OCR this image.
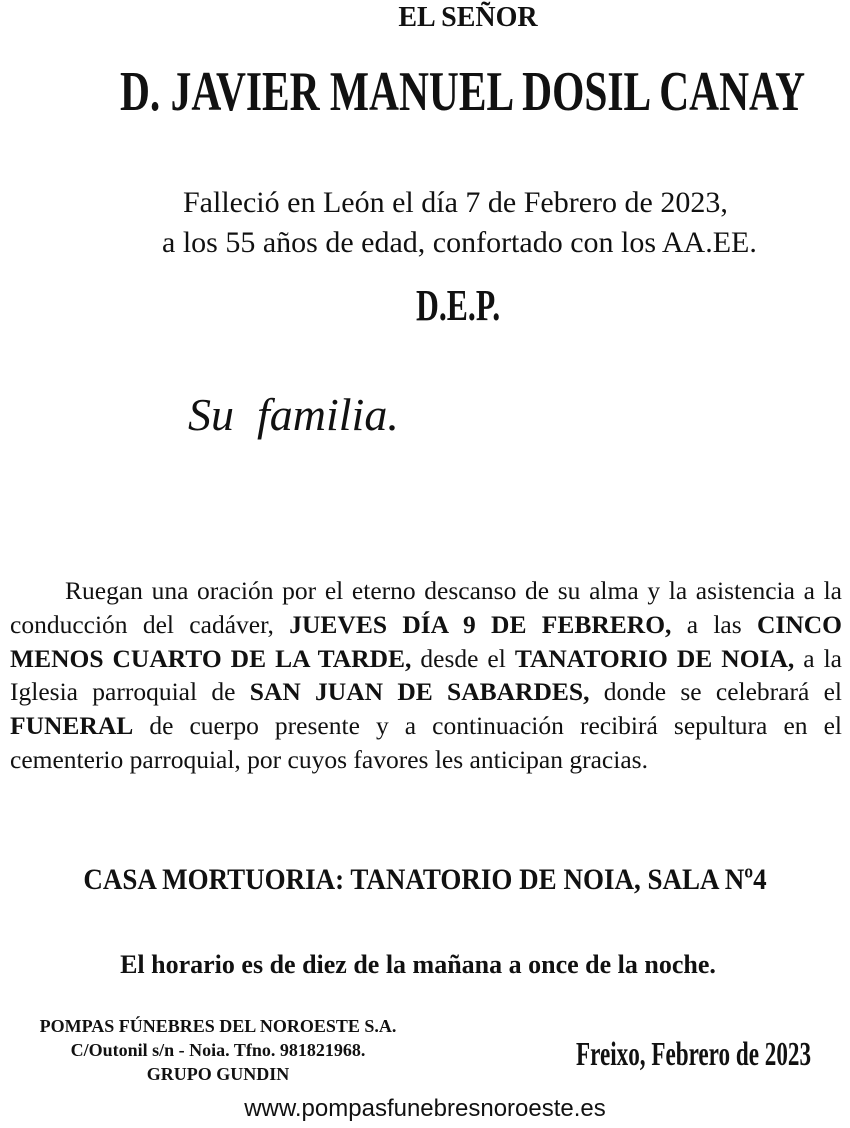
EL SEÑOR
D. JAVIER MANUEL DOSIL CANAY
Falleció en León el día 7 de Febrero de 2023,
a los 55 años de edad, confortado con los AA.EE.
D.E.P.
Su  familia.
Ruegan una oración por el eterno descanso de su alma y la asistencia a la conducción del cadáver, JUEVES DÍA 9 DE FEBRERO, a las CINCO MENOS CUARTO DE LA TARDE, desde el TANATORIO DE NOIA, a la Iglesia parroquial de SAN JUAN DE SABARDES, donde se celebrará el FUNERAL de cuerpo presente y a continuación recibirá sepultura en el cementerio parroquial, por cuyos favores les anticipan gracias.
CASA MORTUORIA: TANATORIO DE NOIA, SALA Nº4
El horario es de diez de la mañana a once de la noche.
POMPAS FÚNEBRES DEL NOROESTE S.A.
C/Outonil s/n - Noia. Tfno. 981821968.
GRUPO GUNDIN
Freixo, Febrero de 2023
www.pompasfunebresnoroeste.es
